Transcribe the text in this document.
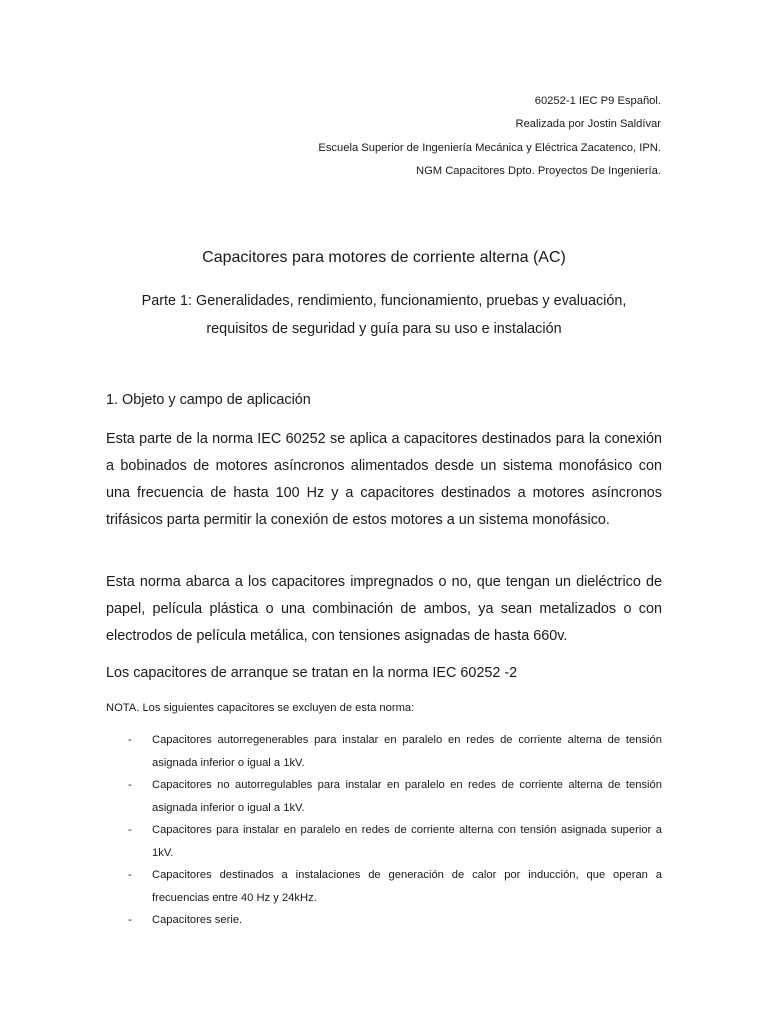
60252-1 IEC P9 Español.
Realizada por Jostin Saldívar
Escuela Superior de Ingeniería Mecánica y Eléctrica Zacatenco, IPN.
NGM Capacitores Dpto. Proyectos De Ingeniería.
Capacitores para motores de corriente alterna (AC)
Parte 1: Generalidades, rendimiento, funcionamiento, pruebas y evaluación,
requisitos de seguridad y guía para su uso e instalación
1. Objeto y campo de aplicación

Esta parte de la norma IEC 60252 se aplica a capacitores destinados para la conexión a bobinados de motores asíncronos alimentados desde un sistema monofásico con una frecuencia de hasta 100 Hz y a capacitores destinados a motores asíncronos trifásicos parta permitir la conexión de estos motores a un sistema monofásico.

Esta norma abarca a los capacitores impregnados o no, que tengan un dieléctrico de papel, película plástica o una combinación de ambos, ya sean metalizados o con electrodos de película metálica, con tensiones asignadas de hasta 660v.

Los capacitores de arranque se tratan en la norma IEC 60252 -2

NOTA. Los siguientes capacitores se excluyen de esta norma:
- Capacitores autorregenerables para instalar en paralelo en redes de corriente alterna de tensión asignada inferior o igual a 1kV.
- Capacitores no autorregulables para instalar en paralelo en redes de corriente alterna de tensión asignada inferior o igual a 1kV.
- Capacitores para instalar en paralelo en redes de corriente alterna con tensión asignada superior a 1kV.
- Capacitores destinados a instalaciones de generación de calor por inducción, que operan a frecuencias entre 40 Hz y 24kHz.
- Capacitores serie.
